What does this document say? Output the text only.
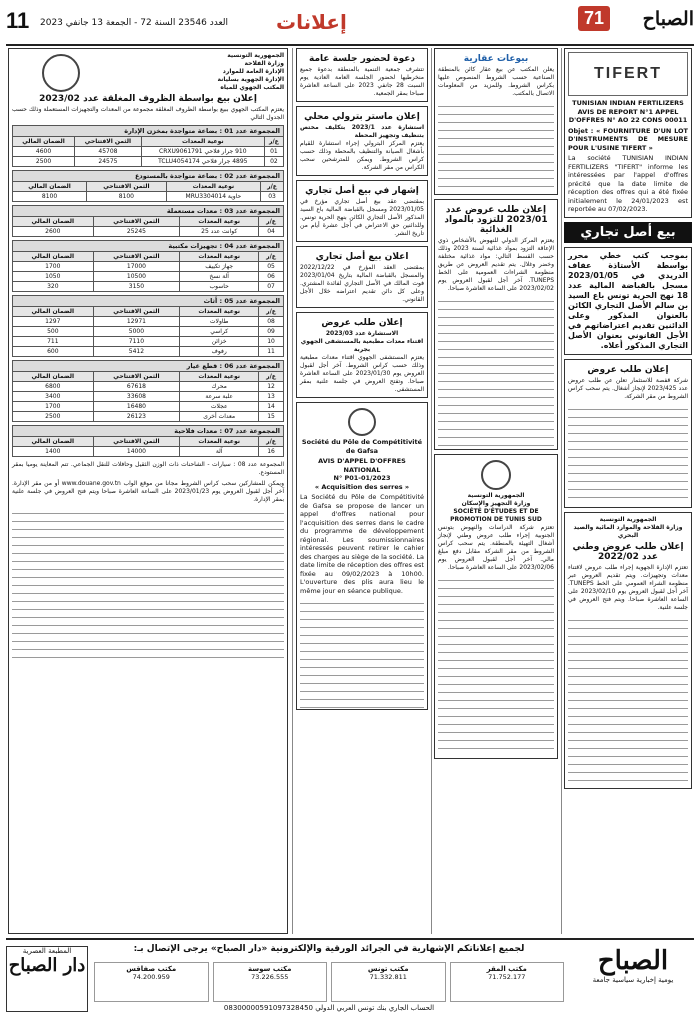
11 العدد 23546 السنة 72 - الجمعة 13 جانفي 2023 إعلانات	71	الصباح
الجمهورية التونسية
وزارة الفلاحة
الإدارة العامة للموارد
الإدارة الجهوية بسليانة
المكتب الجهوي للمياه
إعلان بيع بواسطة الظروف المغلقة عدد 2023/02
يعتزم المكتب الجهوي ببيع بواسطة الظروف المغلقة مجموعة من المعدات والتجهيزات المستعملة وذلك حسب الجدول التالي
المجموعة عدد 01 : بضاعة متواجدة بمخزن الإدارة
ع/ر	نوعية المعدات	الثمن الافتتاحي	الضمان المالي
01	910 جرار فلاحي CRXU9061791	45708	4600
02	4895 جرار فلاحي TCLU4054174	24575	2500
المجموعة عدد 02 : بضاعة متواجدة بالمستودع
ع/ر	نوعية المعدات	الثمن الافتتاحي	الضمان المالي
03	حاوية MRU3304014	8100	8100
المجموعة عدد 03 : معدات مستعملة
ع/ر	نوعية المعدات	الثمن الافتتاحي	الضمان المالي
04	كوانت عدد 25	25245	2600
المجموعة عدد 04 : تجهيزات مكتبية
ع/ر	نوعية المعدات	الثمن الافتتاحي	الضمان المالي
05	جهاز تكييف	17000	1700
06	آلة نسخ	10500	1050
07	حاسوب	3150	320
المجموعة عدد 05 : أثاث
ع/ر	نوعية المعدات	الثمن الافتتاحي	الضمان المالي
08	طاولات	12971	1297
09	كراسي	5000	500
10	خزائن	7110	711
11	رفوف	5412	600
المجموعة عدد 06 : قطع غيار
ع/ر	نوعية المعدات	الثمن الافتتاحي	الضمان المالي
12	محرك	67618	6800
13	علبة سرعة	33608	3400
14	عجلات	16480	1700
15	معدات أخرى	26123	2500
المجموعة عدد 07 : معدات فلاحية
ع/ر	نوعية المعدات	الثمن الافتتاحي	الضمان المالي
16	آلة	14000	1400
المجموعة عدد 08 : سيارات - الشاحنات ذات الوزن الثقيل وحافلات للنقل الجماعي. تتم المعاينة يوميا بمقر المستودع.
ويمكن للمشاركين سحب كراس الشروط مجانا من موقع الواب www.douane.gov.tn أو من مقر الإدارة. آخر أجل لقبول العروض يوم 2023/01/23 على الساعة العاشرة صباحا ويتم فتح العروض في جلسة علنية بمقر الإدارة.
دعوة لحضور جلسة عامة
تتشرف جمعية التنمية بالمنطقة بدعوة جميع منخرطيها لحضور الجلسة العامة العادية يوم السبت 28 جانفي 2023 على الساعة العاشرة صباحا بمقر الجمعية.
إعلان ماستر بترولي محلي
استشارة عدد 2023/1 بتكليف مختص بتنظيف وتجهيز المحطة
يعتزم المركز البترولي إجراء استشارة للقيام بأشغال الصيانة والتنظيف بالمحطة وذلك حسب كراس الشروط. ويمكن للمترشحين سحب الكراس من مقر الشركة.
إشهار في بيع أصل تجاري
بمقتضى عقد بيع أصل تجاري مؤرخ في 2023/01/05 ومسجل بالقباضة المالية باع السيد المذكور الأصل التجاري الكائن بنهج الحرية تونس. وللدائنين حق الاعتراض في أجل عشرة أيام من تاريخ النشر.
اعلان بيع أصل تجاري
بمقتضى العقد المؤرخ في 2022/12/22 والمسجل بالقباضة المالية بتاريخ 2023/01/04 فوت المالك في الأصل التجاري لفائدة المشتري. وعلى كل دائن تقديم اعتراضه خلال الأجل القانوني.
إعلان طلب عروض
الاستشارة عدد 2023/03
اقتناء معدات مطبعية بالمستشفى الجهوي بجربة
يعتزم المستشفى الجهوي اقتناء معدات مطبعية وذلك حسب كراس الشروط. آخر أجل لقبول العروض يوم 2023/01/30 على الساعة العاشرة صباحا. وتفتح العروض في جلسة علنية بمقر المستشفى.
Société du Pôle de Compétitivité de Gafsa
AVIS D'APPEL D'OFFRES NATIONAL
N° P01-01/2023
« Acquisition des serres »
La Société du Pôle de Compétitivité de Gafsa se propose de lancer un appel d'offres national pour l'acquisition des serres dans le cadre du programme de développement régional. Les soumissionnaires intéressés peuvent retirer le cahier des charges au siège de la société. La date limite de réception des offres est fixée au 09/02/2023 à 10h00. L'ouverture des plis aura lieu le même jour en séance publique.
بيوعات عقارية
يعلن المكتب عن بيع عقار كائن بالمنطقة الصناعية حسب الشروط المنصوص عليها بكراس الشروط. وللمزيد من المعلومات الاتصال بالمكتب.
إعلان طلب عروض عدد 2023/01 للتزود بالمواد الغذائية
يعتزم المركز الدولي للنهوض بالأشخاص ذوي الإعاقة التزود بمواد غذائية لسنة 2023 وذلك حسب القسط التالي: مواد غذائية مختلفة وخضر وغلال. يتم تقديم العروض عن طريق منظومة الشراءات العمومية على الخط TUNEPS. آخر أجل لقبول العروض يوم 2023/02/02 على الساعة العاشرة صباحا.
الجمهورية التونسية
وزارة التجهيز والإسكان
SOCIÉTÉ D'ÉTUDES ET DE PROMOTION DE TUNIS SUD
تعتزم شركة الدراسات والنهوض بتونس الجنوبية إجراء طلب عروض وطني لإنجاز أشغال التهيئة بالمنطقة. يتم سحب كراس الشروط من مقر الشركة مقابل دفع مبلغ مالي. آخر أجل لقبول العروض يوم 2023/02/06 على الساعة العاشرة صباحا.
TIFERT
TUNISIAN INDIAN FERTILIZERS AVIS DE REPORT N°1 APPEL D'OFFRES N° AO 22 CONS 00011
Objet : « FOURNITURE D'UN LOT D'INSTRUMENTS DE MESURE POUR L'USINE TIFERT »
La société TUNISIAN INDIAN FERTILIZERS "TIFERT" informe les intéressées par l'appel d'offres précité que la date limite de réception des offres qui a été fixée initialement le 24/01/2023 est reportée au 07/02/2023.
بيع أصل تجاري
بموجب كتب خطي محرر بواسطة الأستاذة عفاف الدريدي في 2023/01/05 مسجل بالقباضة المالية عدد 18 نهج الحرية تونس باع السيد بن سالم الأصل التجاري الكائن بالعنوان المذكور وعلى الدائنين تقديم اعتراضاتهم في الأجل القانوني بعنوان الأصل التجاري المذكور أعلاه.
إعلان طلب عروض
شركة قفصة للاستثمار تعلن عن طلب عروض عدد 2023/425 لإنجاز أشغال. يتم سحب كراس الشروط من مقر الشركة.
الجمهورية التونسية
وزارة الفلاحة والموارد المائية والصيد البحري
إعلان طلب عروض وطني عدد 2022/02
تعتزم الإدارة الجهوية إجراء طلب عروض لاقتناء معدات وتجهيزات. ويتم تقديم العروض عبر منظومة الشراء العمومي على الخط TUNEPS. آخر أجل لقبول العروض يوم 2023/02/10 على الساعة العاشرة صباحا. ويتم فتح العروض في جلسة علنية.
المطبعة العصرية
دار الصباح
لجميع إعلاناتكم الإشهارية في الجرائد الورقية والإلكترونية «دار الصباح» يرجى الإتصال بـ:
مكتب صفاقس
74.200.959
مكتب سوسة
73.226.555
مكتب تونس
71.332.811
مكتب المقر
71.752.177
الحساب الجاري بنك تونس العربي الدولي 08300000591097328450
الصباح
يومية إخبارية سياسية جامعة
